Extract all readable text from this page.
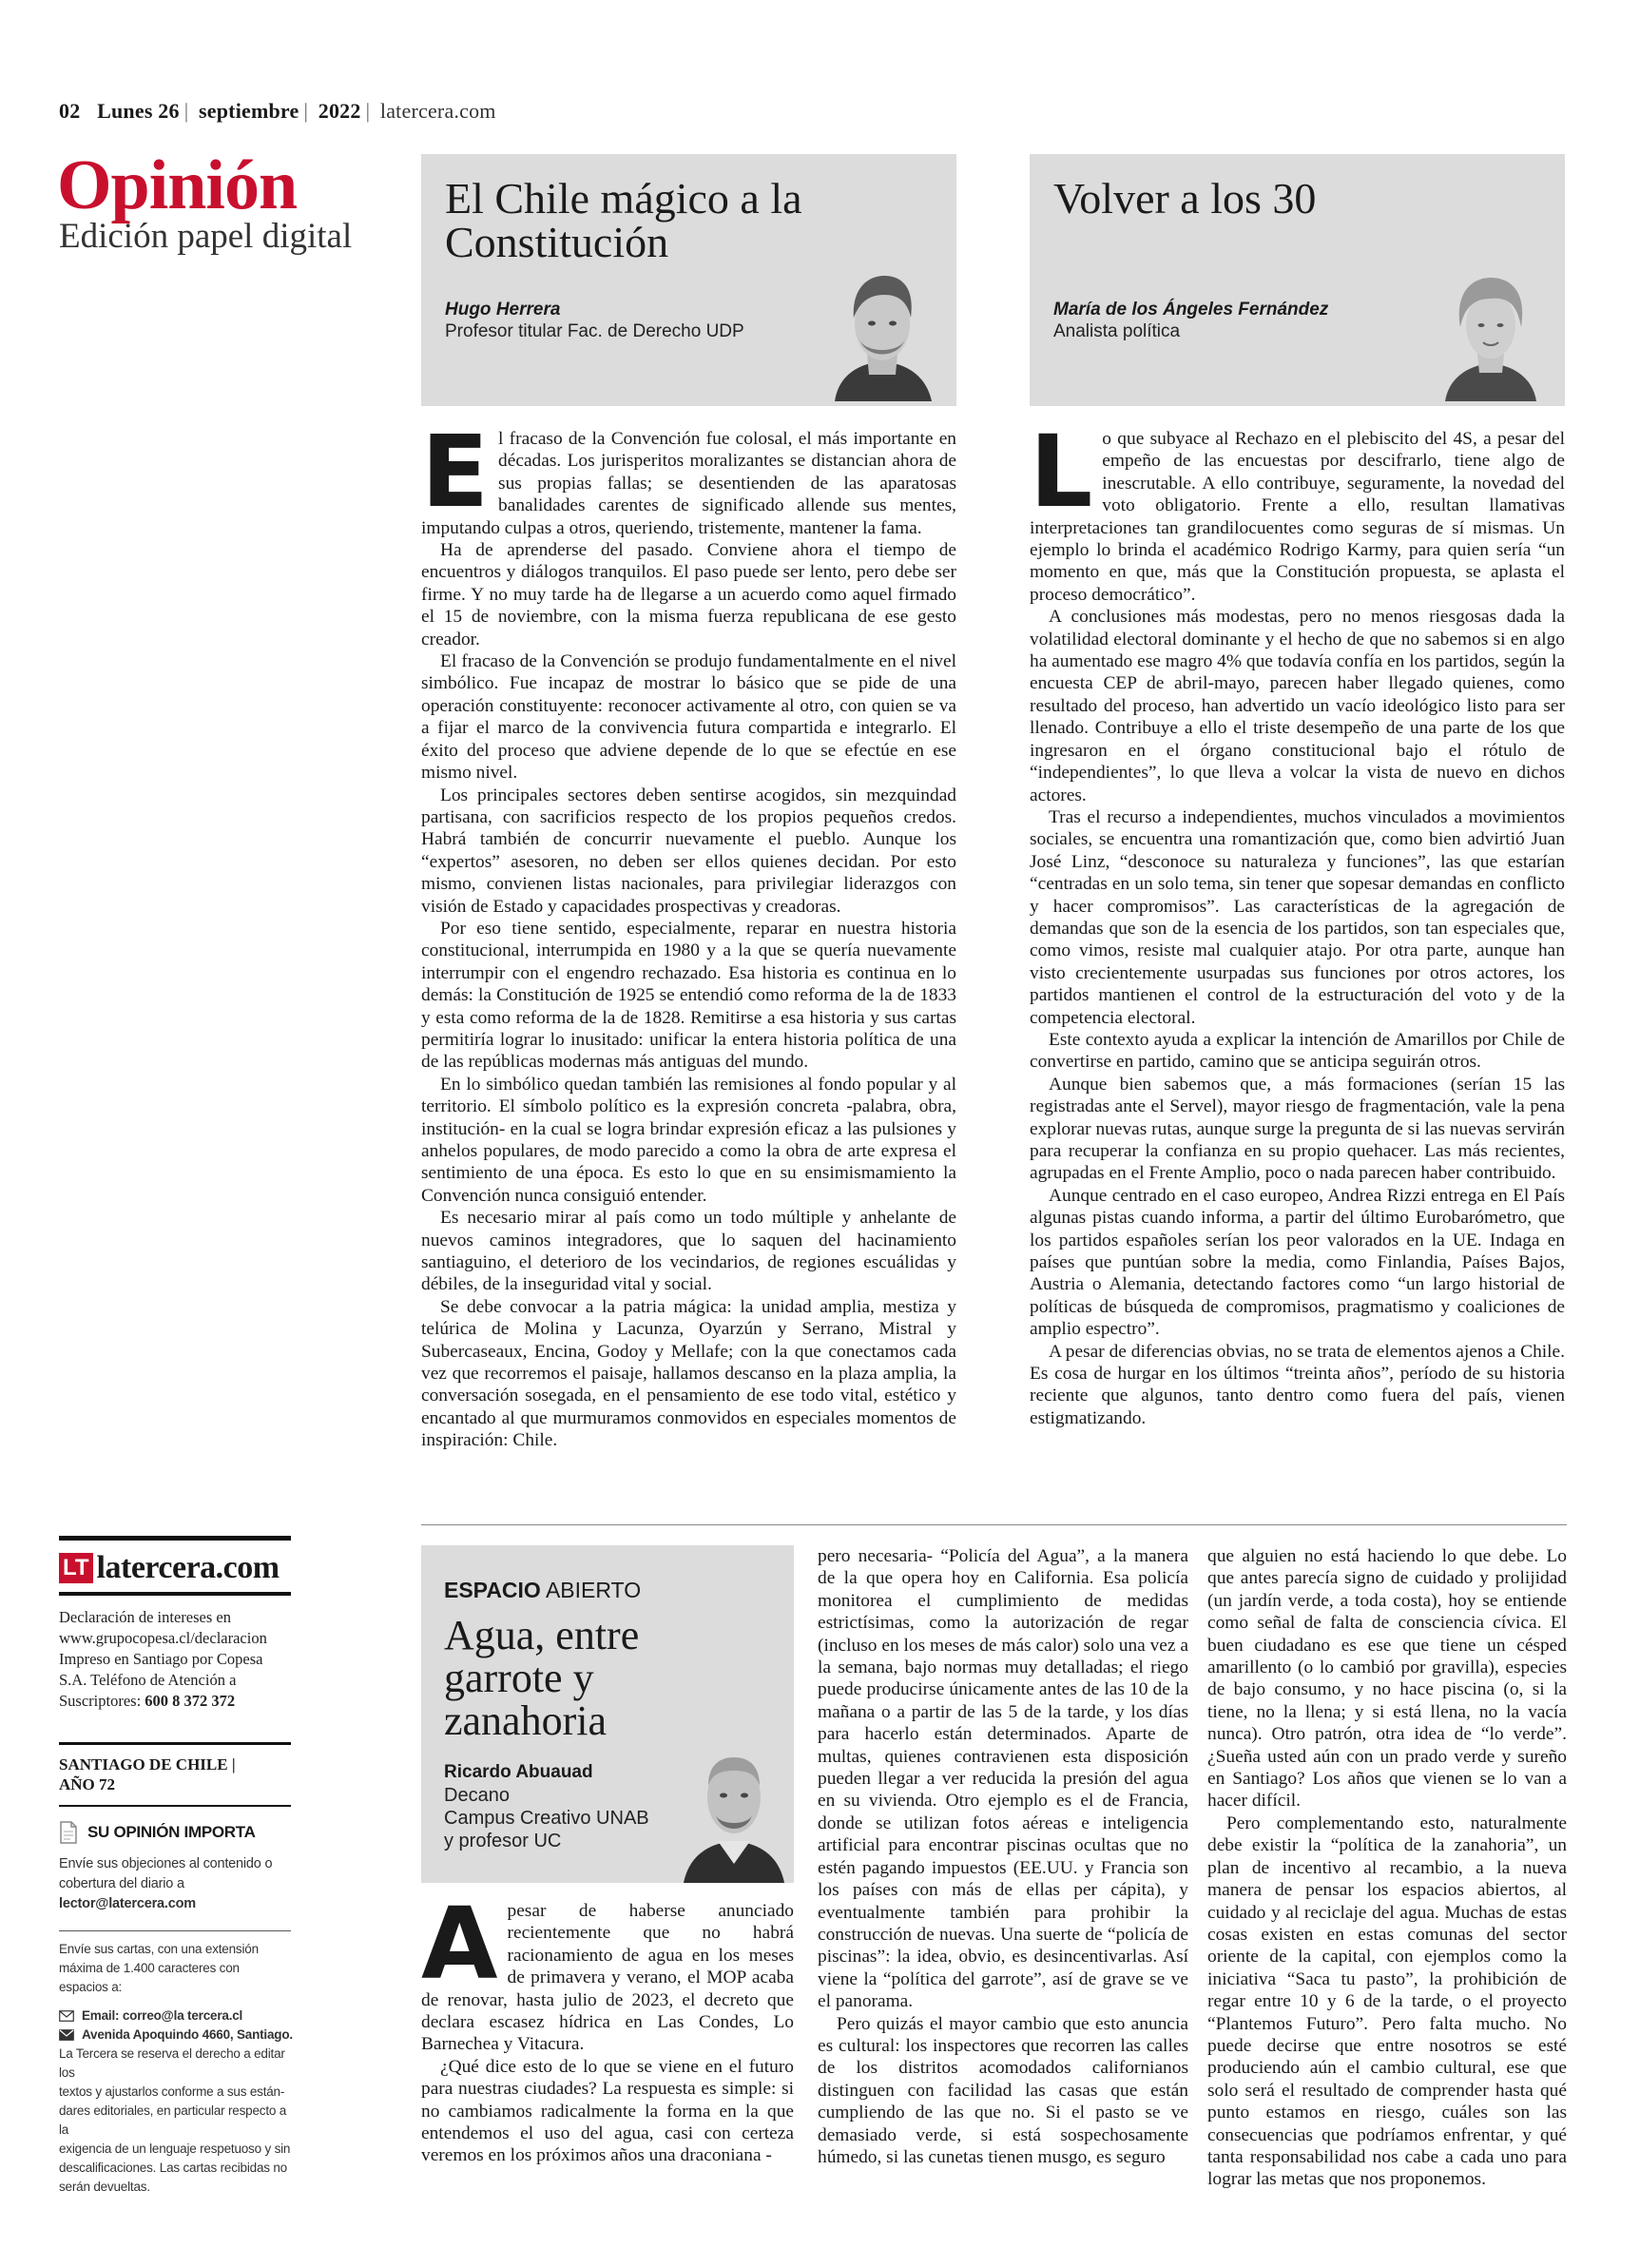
02 Lunes 26 | septiembre | 2022 | latercera.com
Opinión
Edición papel digital
El Chile mágico a la Constitución
Hugo Herrera
Profesor titular Fac. de Derecho UDP
Volver a los 30
María de los Ángeles Fernández
Analista política

El fracaso de la Convención fue colosal, el más importante en décadas. Los jurisperitos moralizantes se distancian ahora de sus propias fallas; se desentienden de las aparatosas banalidades carentes de significado allende sus mentes, imputando culpas a otros, queriendo, tristemente, mantener la fama.

Ha de aprenderse del pasado. Conviene ahora el tiempo de encuentros y diálogos tranquilos. El paso puede ser lento, pero debe ser firme. Y no muy tarde ha de llegarse a un acuerdo como aquel firmado el 15 de noviembre, con la misma fuerza republicana de ese gesto creador.

El fracaso de la Convención se produjo fundamentalmente en el nivel simbólico. Fue incapaz de mostrar lo básico que se pide de una operación constituyente: reconocer activamente al otro, con quien se va a fijar el marco de la convivencia futura compartida e integrarlo. El éxito del proceso que adviene depende de lo que se efectúe en ese mismo nivel.

Los principales sectores deben sentirse acogidos, sin mezquindad partisana, con sacrificios respecto de los propios pequeños credos. Habrá también de concurrir nuevamente el pueblo. Aunque los “expertos” asesoren, no deben ser ellos quienes decidan. Por esto mismo, convienen listas nacionales, para privilegiar liderazgos con visión de Estado y capacidades prospectivas y creadoras.

Por eso tiene sentido, especialmente, reparar en nuestra historia constitucional, interrumpida en 1980 y a la que se quería nuevamente interrumpir con el engendro rechazado. Esa historia es continua en lo demás: la Constitución de 1925 se entendió como reforma de la de 1833 y esta como reforma de la de 1828. Remitirse a esa historia y sus cartas permitiría lograr lo inusitado: unificar la entera historia política de una de las repúblicas modernas más antiguas del mundo.

En lo simbólico quedan también las remisiones al fondo popular y al territorio. El símbolo político es la expresión concreta -palabra, obra, institución- en la cual se logra brindar expresión eficaz a las pulsiones y anhelos populares, de modo parecido a como la obra de arte expresa el sentimiento de una época. Es esto lo que en su ensimismamiento la Convención nunca consiguió entender.

Es necesario mirar al país como un todo múltiple y anhelante de nuevos caminos integradores, que lo saquen del hacinamiento santiaguino, el deterioro de los vecindarios, de regiones escuálidas y débiles, de la inseguridad vital y social.

Se debe convocar a la patria mágica: la unidad amplia, mestiza y telúrica de Molina y Lacunza, Oyarzún y Serrano, Mistral y Subercaseaux, Encina, Godoy y Mellafe; con la que conectamos cada vez que recorremos el paisaje, hallamos descanso en la plaza amplia, la conversación sosegada, en el pensamiento de ese todo vital, estético y encantado al que murmuramos conmovidos en especiales momentos de inspiración: Chile.

Lo que subyace al Rechazo en el plebiscito del 4S, a pesar del empeño de las encuestas por descifrarlo, tiene algo de inescrutable. A ello contribuye, seguramente, la novedad del voto obligatorio. Frente a ello, resultan llamativas interpretaciones tan grandilocuentes como seguras de sí mismas. Un ejemplo lo brinda el académico Rodrigo Karmy, para quien sería “un momento en que, más que la Constitución propuesta, se aplasta el proceso democrático”.

A conclusiones más modestas, pero no menos riesgosas dada la volatilidad electoral dominante y el hecho de que no sabemos si en algo ha aumentado ese magro 4% que todavía confía en los partidos, según la encuesta CEP de abril-mayo, parecen haber llegado quienes, como resultado del proceso, han advertido un vacío ideológico listo para ser llenado. Contribuye a ello el triste desempeño de una parte de los que ingresaron en el órgano constitucional bajo el rótulo de “independientes”, lo que lleva a volcar la vista de nuevo en dichos actores.

Tras el recurso a independientes, muchos vinculados a movimientos sociales, se encuentra una romantización que, como bien advirtió Juan José Linz, “desconoce su naturaleza y funciones”, las que estarían “centradas en un solo tema, sin tener que sopesar demandas en conflicto y hacer compromisos”. Las características de la agregación de demandas que son de la esencia de los partidos, son tan especiales que, como vimos, resiste mal cualquier atajo. Por otra parte, aunque han visto crecientemente usurpadas sus funciones por otros actores, los partidos mantienen el control de la estructuración del voto y de la competencia electoral.

Este contexto ayuda a explicar la intención de Amarillos por Chile de convertirse en partido, camino que se anticipa seguirán otros.

Aunque bien sabemos que, a más formaciones (serían 15 las registradas ante el Servel), mayor riesgo de fragmentación, vale la pena explorar nuevas rutas, aunque surge la pregunta de si las nuevas servirán para recuperar la confianza en su propio quehacer. Las más recientes, agrupadas en el Frente Amplio, poco o nada parecen haber contribuido.

Aunque centrado en el caso europeo, Andrea Rizzi entrega en El País algunas pistas cuando informa, a partir del último Eurobarómetro, que los partidos españoles serían los peor valorados en la UE. Indaga en países que puntúan sobre la media, como Finlandia, Países Bajos, Austria o Alemania, detectando factores como “un largo historial de políticas de búsqueda de compromisos, pragmatismo y coaliciones de amplio espectro”.

A pesar de diferencias obvias, no se trata de elementos ajenos a Chile. Es cosa de hurgar en los últimos “treinta años”, período de su historia reciente que algunos, tanto dentro como fuera del país, vienen estigmatizando.

LT latercera.com
Declaración de intereses en
www.grupocopesa.cl/declaracion
Impreso en Santiago por Copesa
S.A. Teléfono de Atención a
Suscriptores: 600 8 372 372
SANTIAGO DE CHILE |
AÑO 72
SU OPINIÓN IMPORTA
Envíe sus objeciones al contenido o
cobertura del diario a
lector@latercera.com
Envíe sus cartas, con una extensión
máxima de 1.400 caracteres con
espacios a:
Email: correo@la tercera.cl
Avenida Apoquindo 4660, Santiago.
La Tercera se reserva el derecho a editar los
textos y ajustarlos conforme a sus están-
dares editoriales, en particular respecto a la
exigencia de un lenguaje respetuoso y sin
descalificaciones. Las cartas recibidas no
serán devueltas.
ESPACIO ABIERTO
Agua, entre garrote y zanahoria
Ricardo Abuauad
Decano
Campus Creativo UNAB
y profesor UC

Apesar de haberse anunciado recientemente que no habrá racionamiento de agua en los meses de primavera y verano, el MOP acaba de renovar, hasta julio de 2023, el decreto que declara escasez hídrica en Las Condes, Lo Barnechea y Vitacura.

¿Qué dice esto de lo que se viene en el futuro para nuestras ciudades? La respuesta es simple: si no cambiamos radicalmente la forma en la que entendemos el uso del agua, casi con certeza veremos en los próximos años una draconiana -

pero necesaria- “Policía del Agua”, a la manera de la que opera hoy en California. Esa policía monitorea el cumplimiento de medidas estrictísimas, como la autorización de regar (incluso en los meses de más calor) solo una vez a la semana, bajo normas muy detalladas; el riego puede producirse únicamente antes de las 10 de la mañana o a partir de las 5 de la tarde, y los días para hacerlo están determinados. Aparte de multas, quienes contravienen esta disposición pueden llegar a ver reducida la presión del agua en su vivienda. Otro ejemplo es el de Francia, donde se utilizan fotos aéreas e inteligencia artificial para encontrar piscinas ocultas que no estén pagando impuestos (EE.UU. y Francia son los países con más de ellas per cápita), y eventualmente también para prohibir la construcción de nuevas. Una suerte de “policía de piscinas”: la idea, obvio, es desincentivarlas. Así viene la “política del garrote”, así de grave se ve el panorama.

Pero quizás el mayor cambio que esto anuncia es cultural: los inspectores que recorren las calles de los distritos acomodados californianos distinguen con facilidad las casas que están cumpliendo de las que no. Si el pasto se ve demasiado verde, si está sospechosamente húmedo, si las cunetas tienen musgo, es seguro

que alguien no está haciendo lo que debe. Lo que antes parecía signo de cuidado y prolijidad (un jardín verde, a toda costa), hoy se entiende como señal de falta de consciencia cívica. El buen ciudadano es ese que tiene un césped amarillento (o lo cambió por gravilla), especies de bajo consumo, y no hace piscina (o, si la tiene, no la llena; y si está llena, no la vacía nunca). Otro patrón, otra idea de “lo verde”. ¿Sueña usted aún con un prado verde y sureño en Santiago? Los años que vienen se lo van a hacer difícil.

Pero complementando esto, naturalmente debe existir la “política de la zanahoria”, un plan de incentivo al recambio, a la nueva manera de pensar los espacios abiertos, al cuidado y al reciclaje del agua. Muchas de estas cosas existen en estas comunas del sector oriente de la capital, con ejemplos como la iniciativa “Saca tu pasto”, la prohibición de regar entre 10 y 6 de la tarde, o el proyecto “Plantemos Futuro”. Pero falta mucho. No puede decirse que entre nosotros se esté produciendo aún el cambio cultural, ese que solo será el resultado de comprender hasta qué punto estamos en riesgo, cuáles son las consecuencias que podríamos enfrentar, y qué tanta responsabilidad nos cabe a cada uno para lograr las metas que nos proponemos.
